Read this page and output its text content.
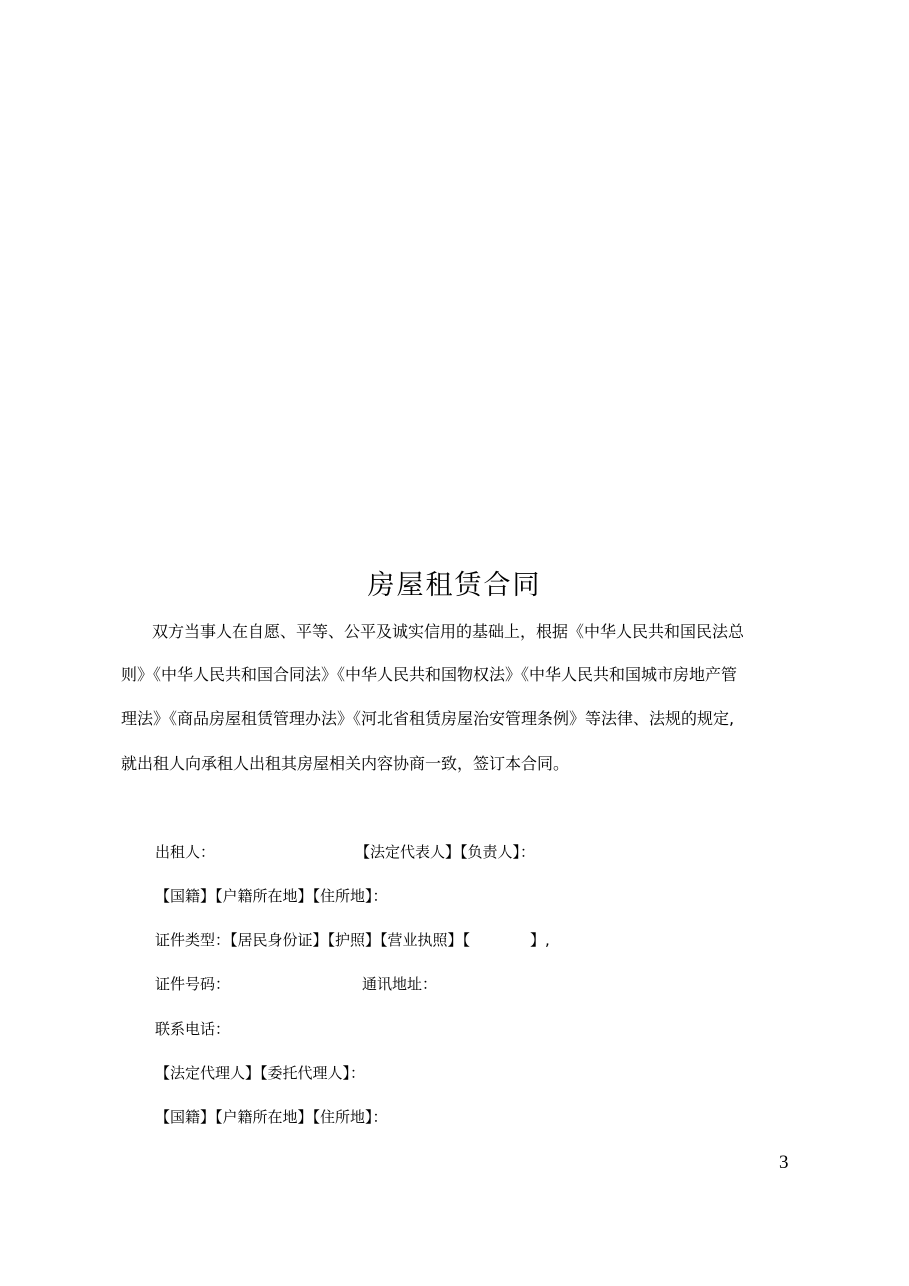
房屋租赁合同
双方当事人在自愿、平等、公平及诚实信用的基础上，根据《中华人民共和国民法总
则》《中华人民共和国合同法》《中华人民共和国物权法》《中华人民共和国城市房地产管
理法》《商品房屋租赁管理办法》《河北省租赁房屋治安管理条例》等法律、法规的规定,
就出租人向承租人出租其房屋相关内容协商一致，签订本合同。
出租人：	【法定代表人】【负责人】：
【国籍】【户籍所在地】【住所地】：
证件类型：【居民身份证】【护照】【营业执照】【　　　　】,
证件号码：	通讯地址：
联系电话：
【法定代理人】【委托代理人】：
【国籍】【户籍所在地】【住所地】：
3
